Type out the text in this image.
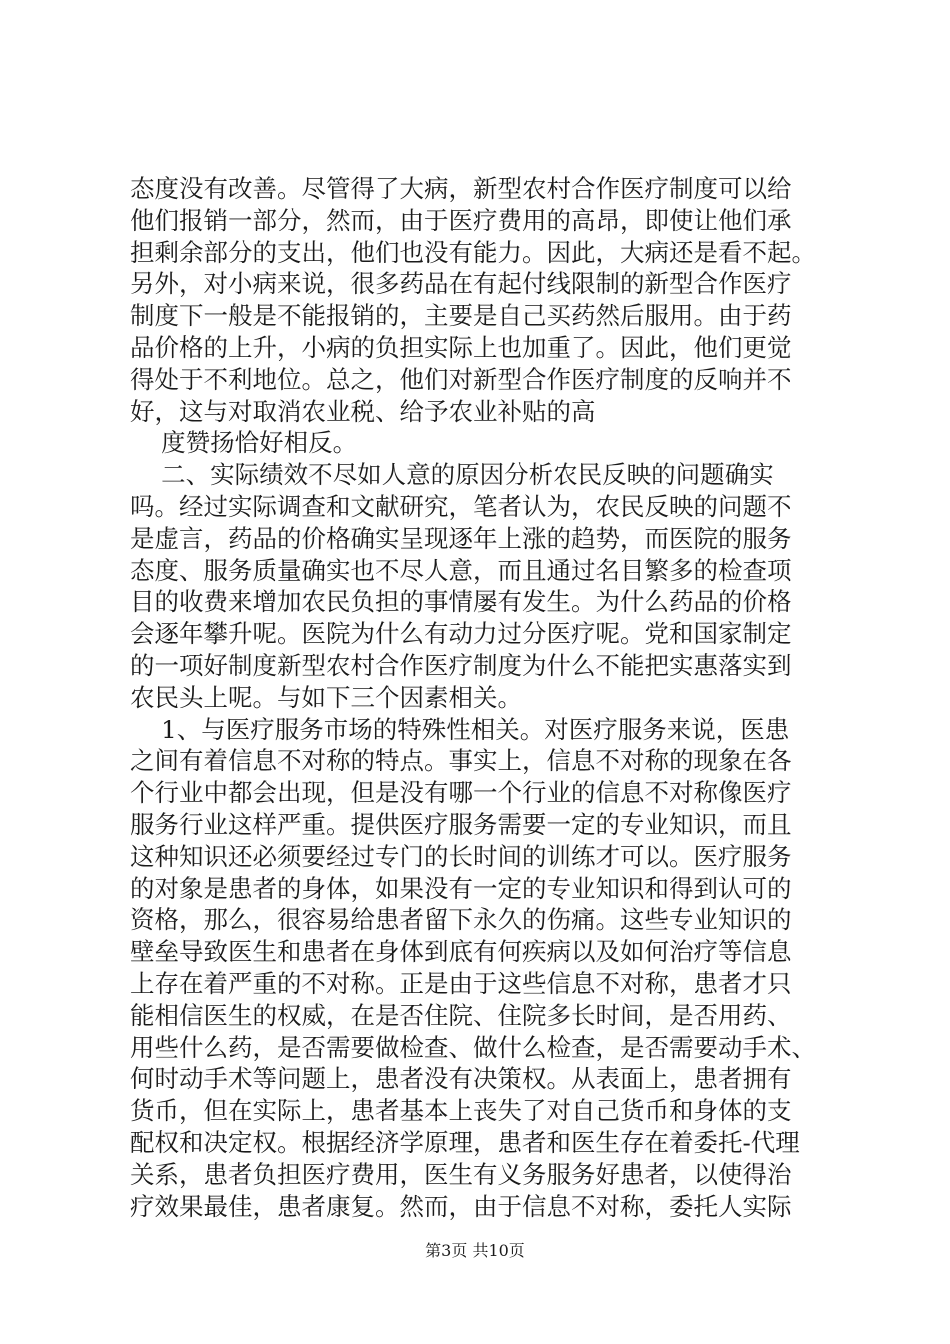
态度没有改善。尽管得了大病，新型农村合作医疗制度可以给
他们报销一部分，然而，由于医疗费用的高昂，即使让他们承
担剩余部分的支出，他们也没有能力。因此，大病还是看不起。
另外，对小病来说，很多药品在有起付线限制的新型合作医疗
制度下一般是不能报销的，主要是自己买药然后服用。由于药
品价格的上升，小病的负担实际上也加重了。因此，他们更觉
得处于不利地位。总之，他们对新型合作医疗制度的反响并不
好，这与对取消农业税、给予农业补贴的高
度赞扬恰好相反。
二、实际绩效不尽如人意的原因分析农民反映的问题确实
吗。经过实际调查和文献研究，笔者认为，农民反映的问题不
是虚言，药品的价格确实呈现逐年上涨的趋势，而医院的服务
态度、服务质量确实也不尽人意，而且通过名目繁多的检查项
目的收费来增加农民负担的事情屡有发生。为什么药品的价格
会逐年攀升呢。医院为什么有动力过分医疗呢。党和国家制定
的一项好制度新型农村合作医疗制度为什么不能把实惠落实到
农民头上呢。与如下三个因素相关。
1、与医疗服务市场的特殊性相关。对医疗服务来说，医患
之间有着信息不对称的特点。事实上，信息不对称的现象在各
个行业中都会出现，但是没有哪一个行业的信息不对称像医疗
服务行业这样严重。提供医疗服务需要一定的专业知识，而且
这种知识还必须要经过专门的长时间的训练才可以。医疗服务
的对象是患者的身体，如果没有一定的专业知识和得到认可的
资格，那么，很容易给患者留下永久的伤痛。这些专业知识的
壁垒导致医生和患者在身体到底有何疾病以及如何治疗等信息
上存在着严重的不对称。正是由于这些信息不对称，患者才只
能相信医生的权威，在是否住院、住院多长时间，是否用药、
用些什么药，是否需要做检查、做什么检查，是否需要动手术、
何时动手术等问题上，患者没有决策权。从表面上，患者拥有
货币，但在实际上，患者基本上丧失了对自己货币和身体的支
配权和决定权。根据经济学原理，患者和医生存在着委托-代理
关系，患者负担医疗费用，医生有义务服务好患者，以使得治
疗效果最佳，患者康复。然而，由于信息不对称，委托人实际
第3页 共10页
